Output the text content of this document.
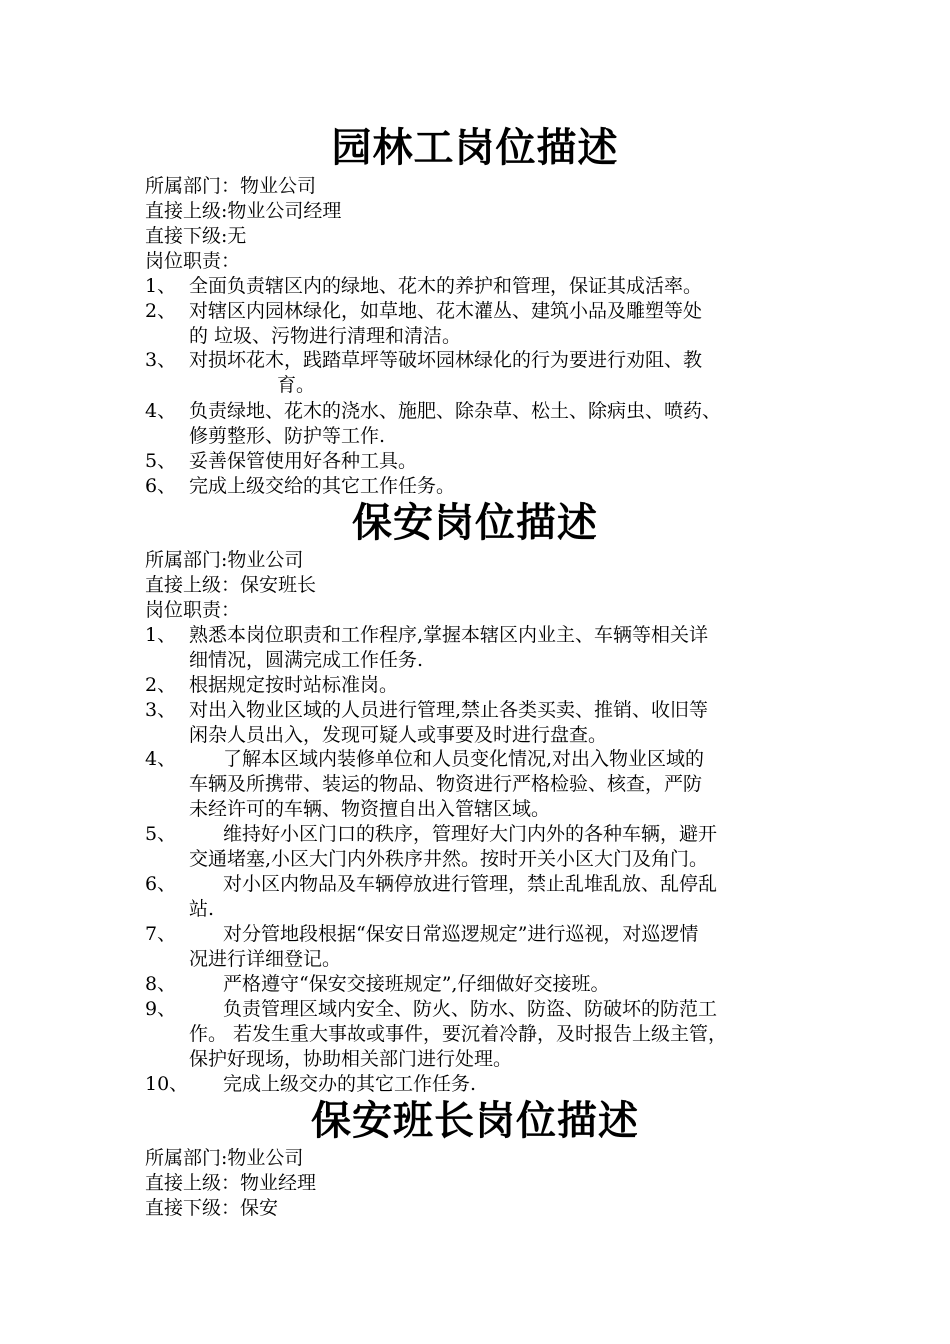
园林工岗位描述
所属部门：物业公司
直接上级:物业公司经理
直接下级:无
岗位职责：
1、 全面负责辖区内的绿地、花木的养护和管理，保证其成活率。
2、 对辖区内园林绿化，如草地、花木灌丛、建筑小品及雕塑等处
的 垃圾、污物进行清理和清洁。
3、 对损坏花木，践踏草坪等破坏园林绿化的行为要进行劝阻、教
育。
4、 负责绿地、花木的浇水、施肥、除杂草、松土、除病虫、喷药、
修剪整形、防护等工作.
5、 妥善保管使用好各种工具。
6、 完成上级交给的其它工作任务。
保安岗位描述
所属部门:物业公司
直接上级：保安班长
岗位职责：
1、 熟悉本岗位职责和工作程序,掌握本辖区内业主、车辆等相关详
细情况，圆满完成工作任务.
2、 根据规定按时站标准岗。
3、 对出入物业区域的人员进行管理,禁止各类买卖、推销、收旧等
闲杂人员出入，发现可疑人或事要及时进行盘查。
4、	了解本区域内装修单位和人员变化情况,对出入物业区域的
车辆及所携带、装运的物品、物资进行严格检验、核查，严防
未经许可的车辆、物资擅自出入管辖区域。
5、	维持好小区门口的秩序，管理好大门内外的各种车辆，避开
交通堵塞,小区大门内外秩序井然。按时开关小区大门及角门。
6、	对小区内物品及车辆停放进行管理，禁止乱堆乱放、乱停乱
站.
7、	对分管地段根据“保安日常巡逻规定”进行巡视，对巡逻情
况进行详细登记。
8、	严格遵守“保安交接班规定”,仔细做好交接班。
9、	负责管理区域内安全、防火、防水、防盗、防破坏的防范工
作。 若发生重大事故或事件，要沉着冷静，及时报告上级主管，
保护好现场，协助相关部门进行处理。
10、	完成上级交办的其它工作任务.
保安班长岗位描述
所属部门:物业公司
直接上级：物业经理
直接下级：保安
